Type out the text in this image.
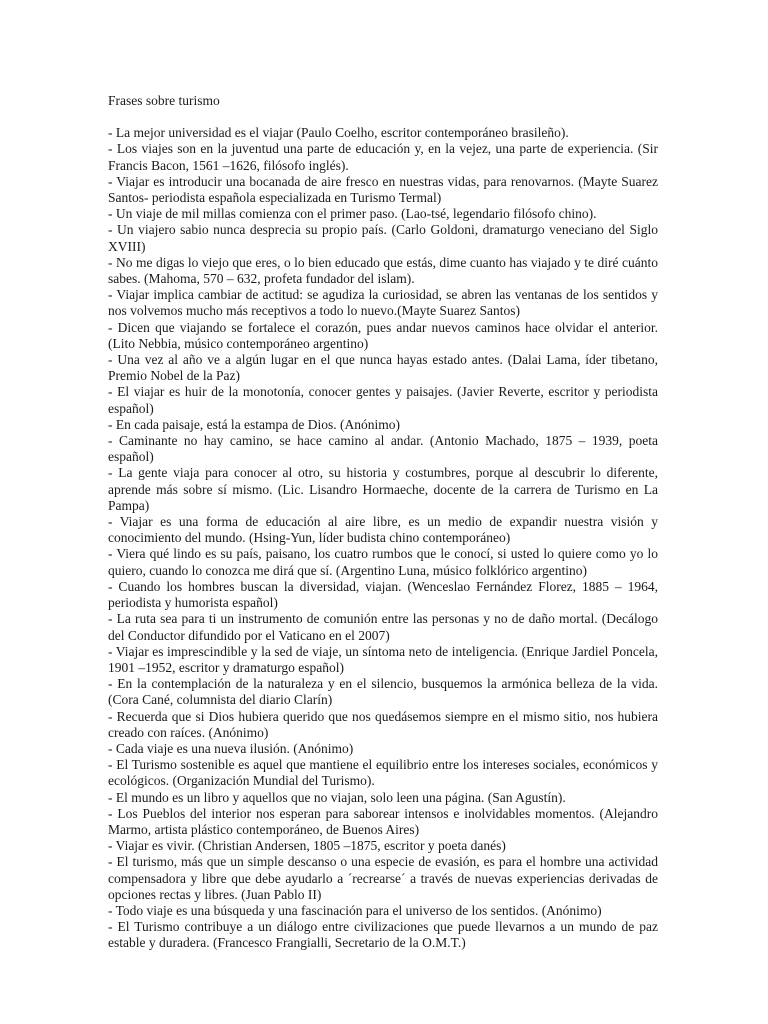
Frases sobre turismo

- La mejor universidad es el viajar (Paulo Coelho, escritor contemporáneo brasileño).

- Los viajes son en la juventud una parte de educación y, en la vejez, una parte de experiencia. (Sir Francis Bacon, 1561 –1626, filósofo inglés).

- Viajar es introducir una bocanada de aire fresco en nuestras vidas, para renovarnos. (Mayte Suarez Santos- periodista española especializada en Turismo Termal)

- Un viaje de mil millas comienza con el primer paso. (Lao-tsé, legendario filósofo chino).

- Un viajero sabio nunca desprecia su propio país. (Carlo Goldoni, dramaturgo veneciano del Siglo XVIII)

- No me digas lo viejo que eres, o lo bien educado que estás, dime cuanto has viajado y te diré cuánto sabes. (Mahoma, 570 – 632, profeta fundador del islam).

- Viajar implica cambiar de actitud: se agudiza la curiosidad, se abren las ventanas de los sentidos y nos volvemos mucho más receptivos a todo lo nuevo.(Mayte Suarez Santos)

- Dicen que viajando se fortalece el corazón, pues andar nuevos caminos hace olvidar el anterior. (Lito Nebbia, músico contemporáneo argentino)

- Una vez al año ve a algún lugar en el que nunca hayas estado antes. (Dalai Lama, íder tibetano, Premio Nobel de la Paz)

- El viajar es huir de la monotonía, conocer gentes y paisajes. (Javier Reverte, escritor y periodista español)

- En cada paisaje, está la estampa de Dios. (Anónimo)

- Caminante no hay camino, se hace camino al andar. (Antonio Machado, 1875 – 1939, poeta español)

- La gente viaja para conocer al otro, su historia y costumbres, porque al descubrir lo diferente, aprende más sobre sí mismo. (Lic. Lisandro Hormaeche, docente de la carrera de Turismo en La Pampa)

- Viajar es una forma de educación al aire libre, es un medio de expandir nuestra visión y conocimiento del mundo. (Hsing-Yun, líder budista chino contemporáneo)

- Viera qué lindo es su país, paisano, los cuatro rumbos que le conocí, si usted lo quiere como yo lo quiero, cuando lo conozca me dirá que sí. (Argentino Luna, músico folklórico argentino)

- Cuando los hombres buscan la diversidad, viajan. (Wenceslao Fernández Florez, 1885 – 1964, periodista y humorista español)

- La ruta sea para ti un instrumento de comunión entre las personas y no de daño mortal. (Decálogo del Conductor difundido por el Vaticano en el 2007)

- Viajar es imprescindible y la sed de viaje, un síntoma neto de inteligencia. (Enrique Jardiel Poncela, 1901 –1952, escritor y dramaturgo español)

- En la contemplación de la naturaleza y en el silencio, busquemos la armónica belleza de la vida. (Cora Cané, columnista del diario Clarín)

- Recuerda que si Dios hubiera querido que nos quedásemos siempre en el mismo sitio, nos hubiera creado con raíces. (Anónimo)

- Cada viaje es una nueva ilusión. (Anónimo)

- El Turismo sostenible es aquel que mantiene el equilibrio entre los intereses sociales, económicos y ecológicos. (Organización Mundial del Turismo).

- El mundo es un libro y aquellos que no viajan, solo leen una página. (San Agustín).

- Los Pueblos del interior nos esperan para saborear intensos e inolvidables momentos. (Alejandro Marmo, artista plástico contemporáneo, de Buenos Aires)

- Viajar es vivir. (Christian Andersen, 1805 –1875, escritor y poeta danés)

- El turismo, más que un simple descanso o una especie de evasión, es para el hombre una actividad compensadora y libre que debe ayudarlo a ´recrearse´ a través de nuevas experiencias derivadas de opciones rectas y libres. (Juan Pablo II)

- Todo viaje es una búsqueda y una fascinación para el universo de los sentidos. (Anónimo)

- El Turismo contribuye a un diálogo entre civilizaciones que puede llevarnos a un mundo de paz estable y duradera. (Francesco Frangialli, Secretario de la O.M.T.)
